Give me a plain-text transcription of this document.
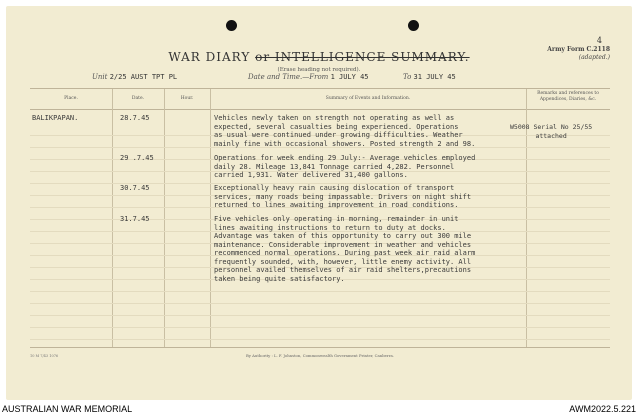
4
WAR DIARY or INTELLIGENCE SUMMARY.
(Erase heading not required).
Army Form C.2118
(adapted.)
Unit 2/25 AUST TPT PL	Date and Time.—From 1 JULY 45	To 31 JULY 45
Place.	Date.	Hour.	Summary of Events and Information.
Remarks and references to Appendices, Diaries, &c.
BALIKPAPAN.	28.7.45	Vehicles newly taken on strength not operating as well as
expected, several casualties being experienced. Operations
as usual were continued under growing difficulties. Weather
mainly fine with occasional showers. Posted strength 2 and 98.
W5008 Serial No 25/55
attached
29 .7.45	Operations for week ending 29 July:- Average vehicles employed
daily 28. Mileage 13,841 Tonnage carried 4,282. Personnel
carried 1,931. Water delivered 31,400 gallons.
30.7.45	Exceptionally heavy rain causing dislocation of transport
services, many roads being impassable. Drivers on night shift
returned to lines awaiting improvement in road conditions.
31.7.45	Five vehicles only operating in morning, remainder in unit
lines awaiting instructions to return to duty at docks.
Advantage was taken of this opportunity to carry out 300 mile
maintenance. Considerable improvement in weather and vehicles
recommenced normal operations. During past week air raid alarm
frequently sounded, with, however, little enemy activity. All
personnel availed themselves of air raid shelters,precautions
taken being quite satisfactory.
10 M 7/43 1076	By Authority : L. F. Johnston, Commonwealth Government Printer, Canberra.
AUSTRALIAN WAR MEMORIAL	AWM2022.5.221
